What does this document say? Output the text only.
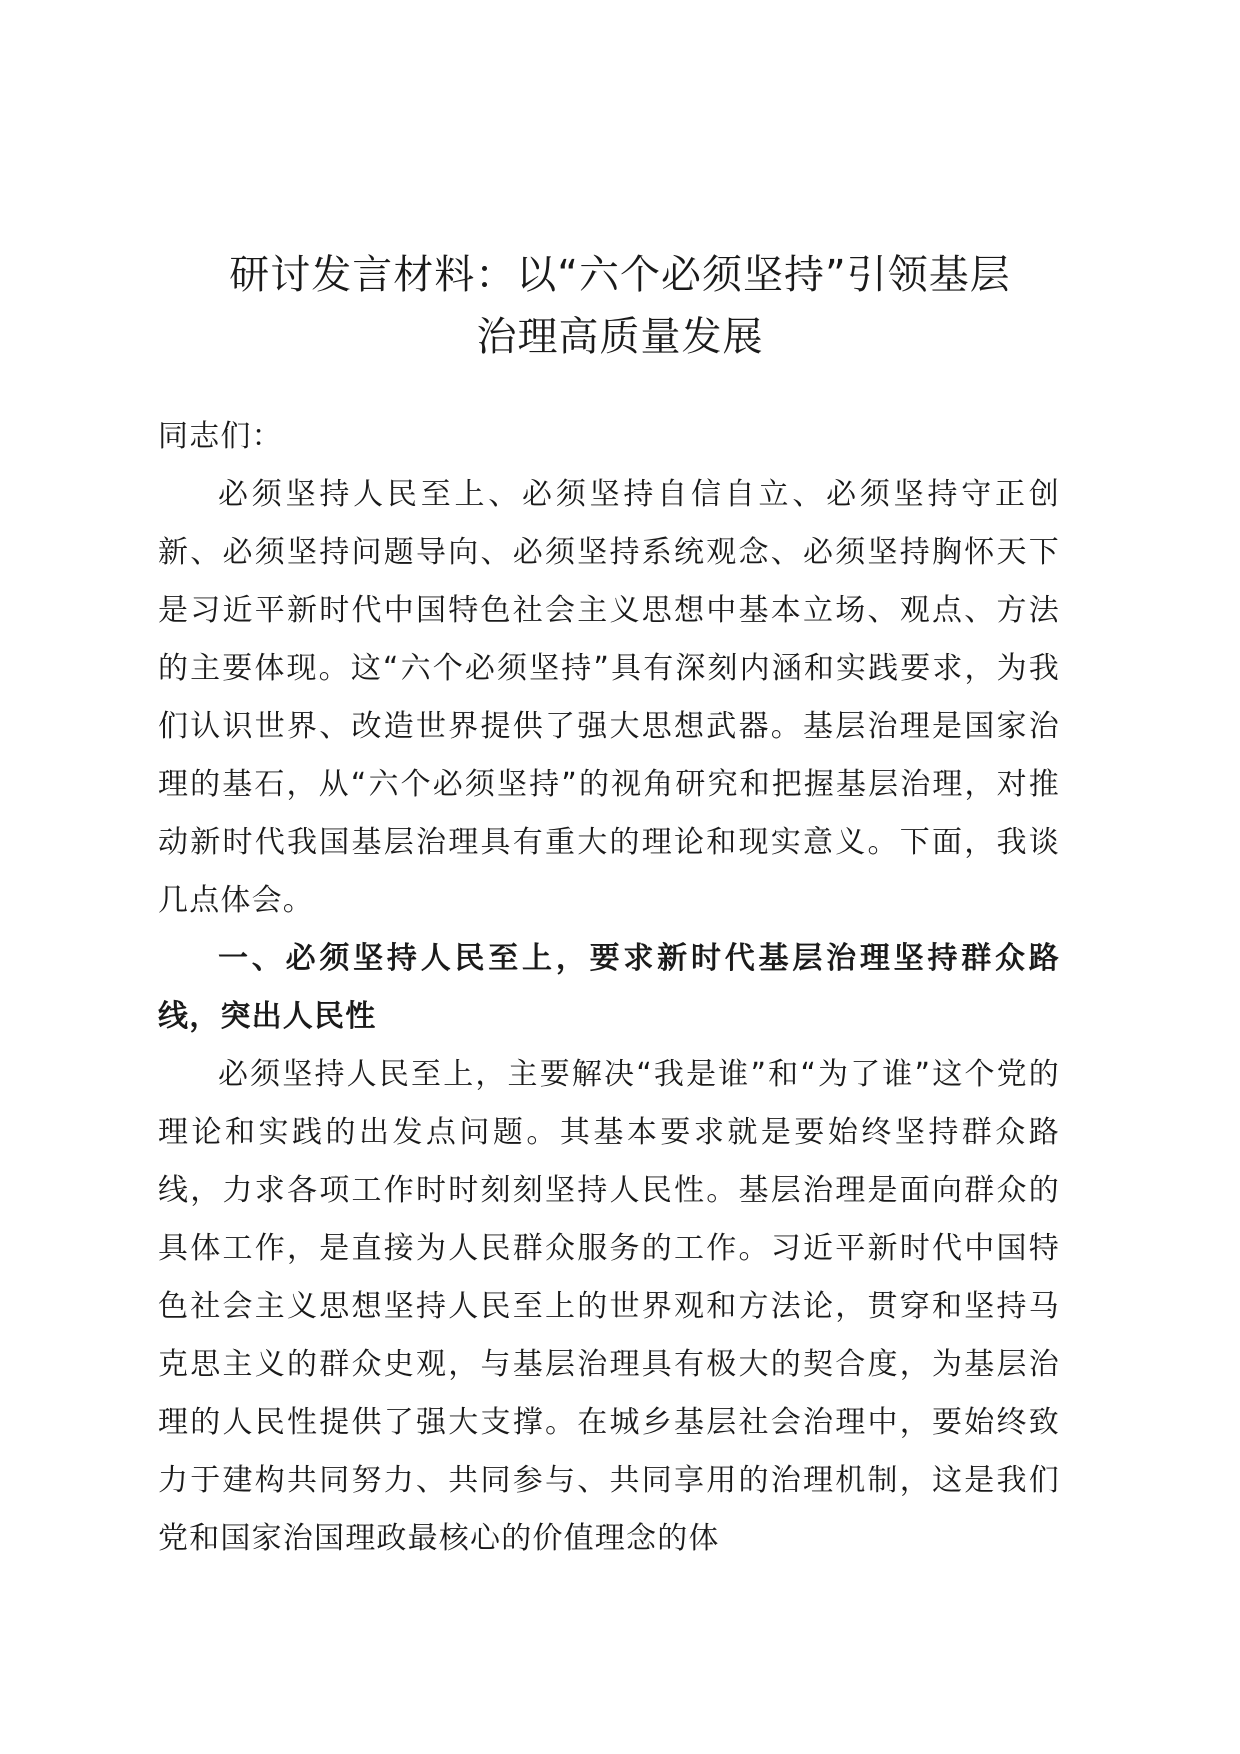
研讨发言材料：以“六个必须坚持”引领基层
治理高质量发展

同志们：

必须坚持人民至上、必须坚持自信自立、必须坚持守正创新、必须坚持问题导向、必须坚持系统观念、必须坚持胸怀天下是习近平新时代中国特色社会主义思想中基本立场、观点、方法的主要体现。这“六个必须坚持”具有深刻内涵和实践要求，为我们认识世界、改造世界提供了强大思想武器。基层治理是国家治理的基石，从“六个必须坚持”的视角研究和把握基层治理，对推动新时代我国基层治理具有重大的理论和现实意义。下面，我谈几点体会。

一、必须坚持人民至上，要求新时代基层治理坚持群众路线，突出人民性

必须坚持人民至上，主要解决“我是谁”和“为了谁”这个党的理论和实践的出发点问题。其基本要求就是要始终坚持群众路线，力求各项工作时时刻刻坚持人民性。基层治理是面向群众的具体工作，是直接为人民群众服务的工作。习近平新时代中国特色社会主义思想坚持人民至上的世界观和方法论，贯穿和坚持马克思主义的群众史观，与基层治理具有极大的契合度，为基层治理的人民性提供了强大支撑。在城乡基层社会治理中，要始终致力于建构共同努力、共同参与、共同享用的治理机制，这是我们党和国家治国理政最核心的价值理念的体
